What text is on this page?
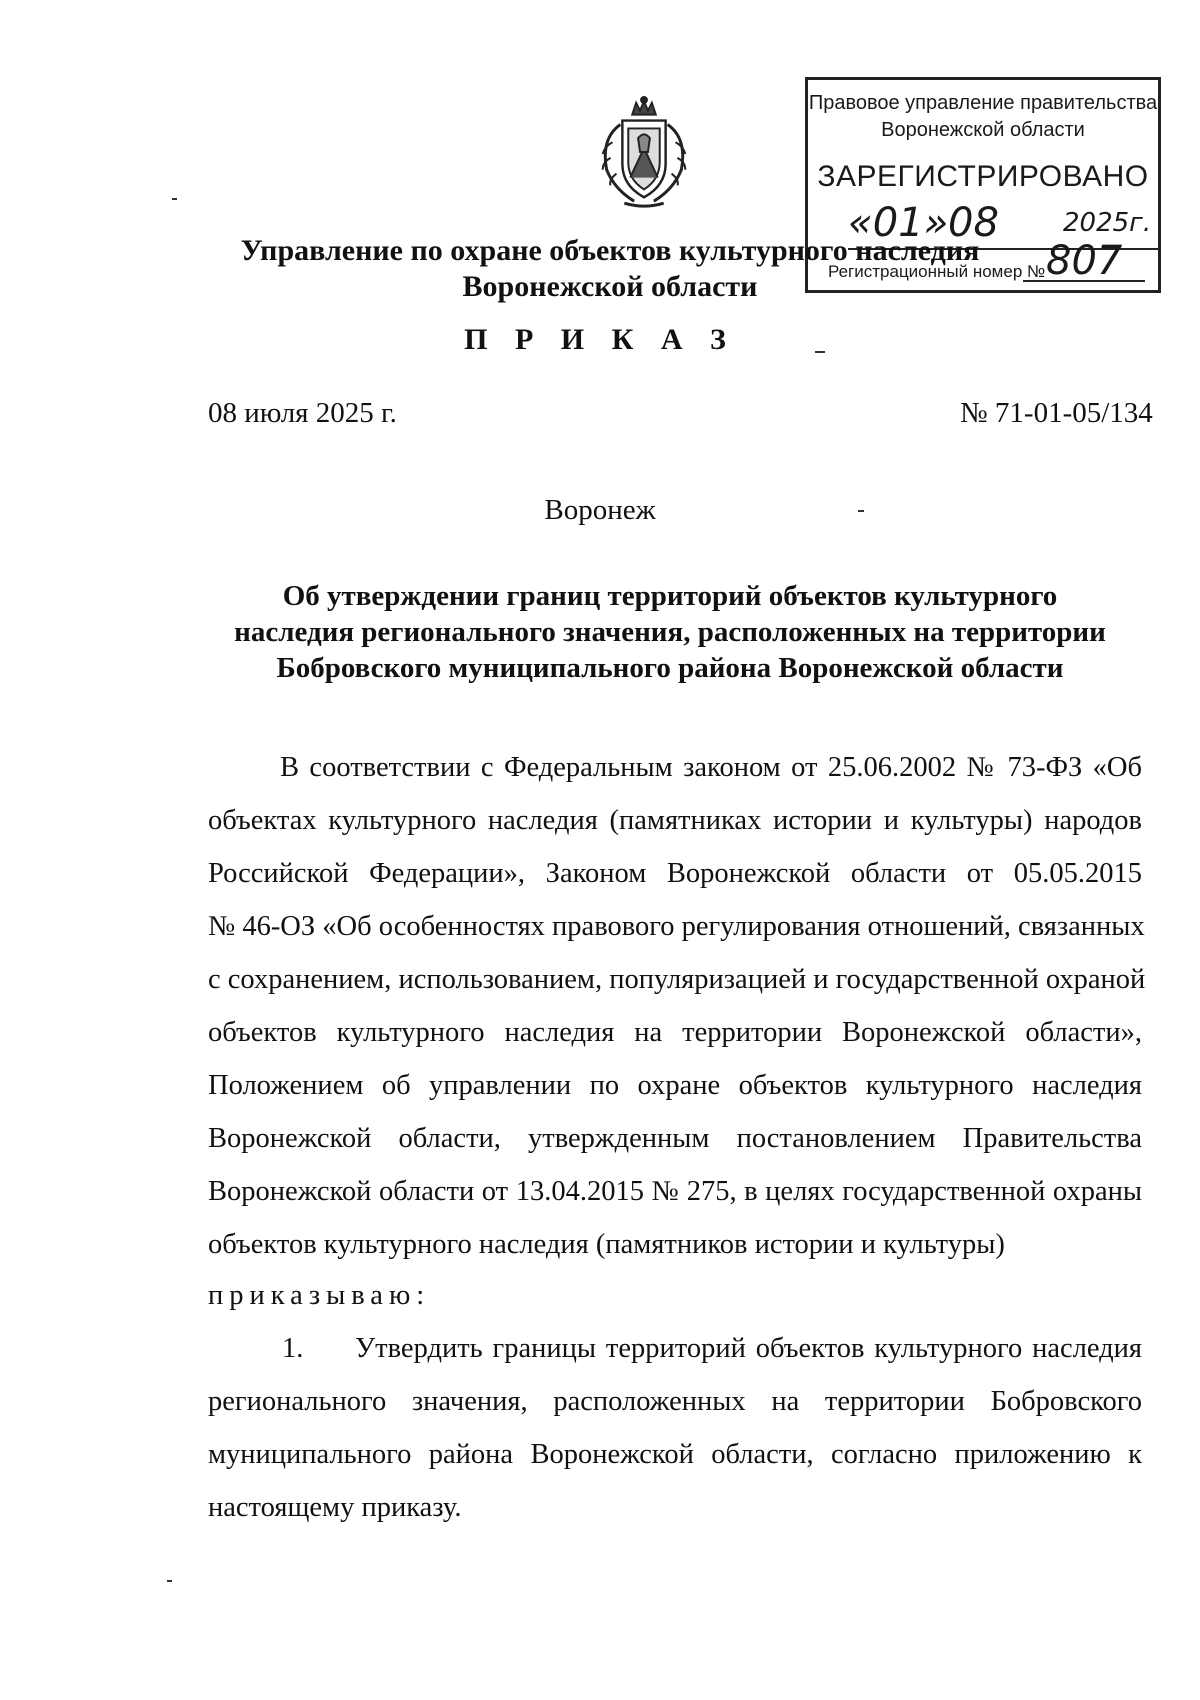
Правовое управление правительства
Воронежской области
ЗАРЕГИСТРИРОВАНО
«01» 08 2025г.
Регистрационный номер № 807
Управление по охране объектов культурного наследия
Воронежской области
П Р И К А З
08 июля 2025 г.	№ 71-01-05/134
Воронеж
Об утверждении границ территорий объектов культурного
наследия регионального значения, расположенных на территории
Бобровского муниципального района Воронежской области
В соответствии с Федеральным законом от 25.06.2002 № 73-ФЗ «Об
объектах культурного наследия (памятниках истории и культуры) народов
Российской Федерации», Законом Воронежской области от 05.05.2015
№ 46-ОЗ «Об особенностях правового регулирования отношений, связанных
с сохранением, использованием, популяризацией и государственной охраной
объектов культурного наследия на территории Воронежской области»,
Положением об управлении по охране объектов культурного наследия
Воронежской области, утвержденным постановлением Правительства
Воронежской области от 13.04.2015 № 275, в целях государственной охраны
объектов культурного наследия (памятников истории и культуры)
приказываю:
1. Утвердить границы территорий объектов культурного наследия
регионального значения, расположенных на территории Бобровского
муниципального района Воронежской области, согласно приложению к
настоящему приказу.
